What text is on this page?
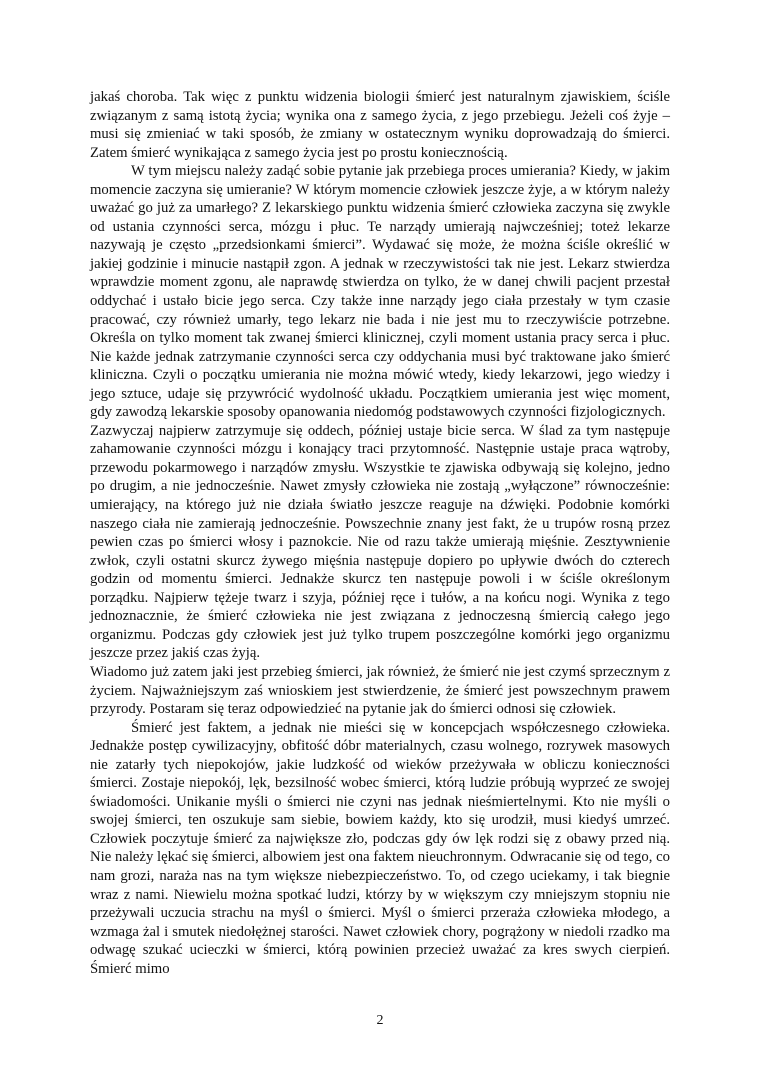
jakaś choroba. Tak więc z punktu widzenia biologii śmierć jest naturalnym zjawiskiem, ściśle związanym z samą istotą życia; wynika ona z samego życia, z jego przebiegu. Jeżeli coś żyje – musi się zmieniać w taki sposób, że zmiany w ostatecznym wyniku doprowadzają do śmierci. Zatem śmierć wynikająca z samego życia jest po prostu koniecznością.

W tym miejscu należy zadąć sobie pytanie jak przebiega proces umierania? Kiedy, w jakim momencie zaczyna się umieranie? W którym momencie człowiek jeszcze żyje, a w którym należy uważać go już za umarłego? Z lekarskiego punktu widzenia śmierć człowieka zaczyna się zwykle od ustania czynności serca, mózgu i płuc. Te narządy umierają najwcześniej; toteż lekarze nazywają je często „przedsionkami śmierci”. Wydawać się może, że można ściśle określić w jakiej godzinie i minucie nastąpił zgon. A jednak w rzeczywistości tak nie jest. Lekarz stwierdza wprawdzie moment zgonu, ale naprawdę stwierdza on tylko, że w danej chwili pacjent przestał oddychać i ustało bicie jego serca. Czy także inne narządy jego ciała przestały w tym czasie pracować, czy również umarły, tego lekarz nie bada i nie jest mu to rzeczywiście potrzebne. Określa on tylko moment tak zwanej śmierci klinicznej, czyli moment ustania pracy serca i płuc. Nie każde jednak zatrzymanie czynności serca czy oddychania musi być traktowane jako śmierć kliniczna. Czyli o początku umierania nie można mówić wtedy, kiedy lekarzowi, jego wiedzy i jego sztuce, udaje się przywrócić wydolność układu. Początkiem umierania jest więc moment, gdy zawodzą lekarskie sposoby opanowania niedomóg podstawowych czynności fizjologicznych.

Zazwyczaj najpierw zatrzymuje się oddech, później ustaje bicie serca. W ślad za tym następuje zahamowanie czynności mózgu i konający traci przytomność. Następnie ustaje praca wątroby, przewodu pokarmowego i narządów zmysłu. Wszystkie te zjawiska odbywają się kolejno, jedno po drugim, a nie jednocześnie. Nawet zmysły człowieka nie zostają „wyłączone” równocześnie: umierający, na którego już nie działa światło jeszcze reaguje na dźwięki. Podobnie komórki naszego ciała nie zamierają jednocześnie. Powszechnie znany jest fakt, że u trupów rosną przez pewien czas po śmierci włosy i paznokcie. Nie od razu także umierają mięśnie. Zesztywnienie zwłok, czyli ostatni skurcz żywego mięśnia następuje dopiero po upływie dwóch do czterech godzin od momentu śmierci. Jednakże skurcz ten następuje powoli i w ściśle określonym porządku. Najpierw tężeje twarz i szyja, później ręce i tułów, a na końcu nogi. Wynika z tego jednoznacznie, że śmierć człowieka nie jest związana z jednoczesną śmiercią całego jego organizmu. Podczas gdy człowiek jest już tylko trupem poszczególne komórki jego organizmu jeszcze przez jakiś czas żyją.

Wiadomo już zatem jaki jest przebieg śmierci, jak również, że śmierć nie jest czymś sprzecznym z życiem. Najważniejszym zaś wnioskiem jest stwierdzenie, że śmierć jest powszechnym prawem przyrody. Postaram się teraz odpowiedzieć na pytanie jak do śmierci odnosi się człowiek.

Śmierć jest faktem, a jednak nie mieści się w koncepcjach współczesnego człowieka. Jednakże postęp cywilizacyjny, obfitość dóbr materialnych, czasu wolnego, rozrywek masowych nie zatarły tych niepokojów, jakie ludzkość od wieków przeżywała w obliczu konieczności śmierci. Zostaje niepokój, lęk, bezsilność wobec śmierci, którą ludzie próbują wyprzeć ze swojej świadomości. Unikanie myśli o śmierci nie czyni nas jednak nieśmiertelnymi. Kto nie myśli o swojej śmierci, ten oszukuje sam siebie, bowiem każdy, kto się urodził, musi kiedyś umrzeć. Człowiek poczytuje śmierć za największe zło, podczas gdy ów lęk rodzi się z obawy przed nią. Nie należy lękać się śmierci, albowiem jest ona faktem nieuchronnym. Odwracanie się od tego, co nam grozi, naraża nas na tym większe niebezpieczeństwo. To, od czego uciekamy, i tak biegnie wraz z nami. Niewielu można spotkać ludzi, którzy by w większym czy mniejszym stopniu nie przeżywali uczucia strachu na myśl o śmierci. Myśl o śmierci przeraża człowieka młodego, a wzmaga żal i smutek niedołężnej starości. Nawet człowiek chory, pogrążony w niedoli rzadko ma odwagę szukać ucieczki w śmierci, którą powinien przecież uważać za kres swych cierpień. Śmierć mimo

2
